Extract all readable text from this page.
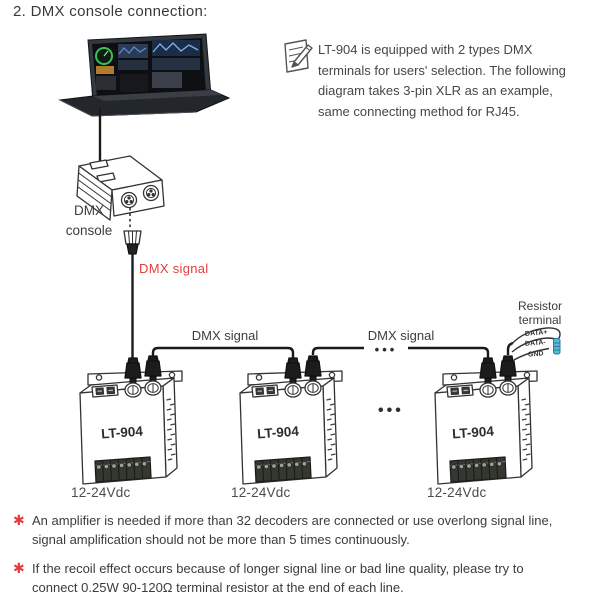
2. DMX console connection:
LT-904 is equipped with 2 types DMX
terminals for users' selection. The following
diagram takes 3-pin XLR as an example,
same connecting method for RJ45.
DMX
console
DMX signal
DMX signal	DMX signal
Resistor
terminal
DATA+
DATA-
GND
•••
•••
LT-904	LT-904	LT-904
12-24Vdc	12-24Vdc	12-24Vdc
✱ An amplifier is needed if more than 32 decoders are connected or use overlong signal line,
signal amplification should not be more than 5 times continuously.
✱ If the recoil effect occurs because of longer signal line or bad line quality, please try to
connect 0.25W 90-120Ω terminal resistor at the end of each line.
